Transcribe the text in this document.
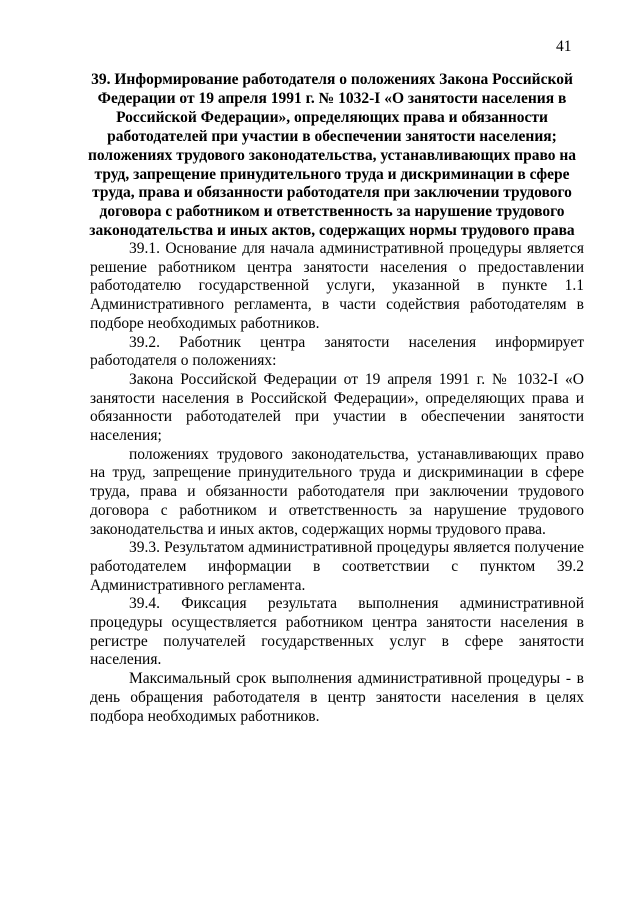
41
39. Информирование работодателя о положениях Закона Российской Федерации от 19 апреля 1991 г. № 1032-I «О занятости населения в Российской Федерации», определяющих права и обязанности работодателей при участии в обеспечении занятости населения; положениях трудового законодательства, устанавливающих право на труд, запрещение принудительного труда и дискриминации в сфере труда, права и обязанности работодателя при заключении трудового договора с работником и ответственность за нарушение трудового законодательства и иных актов, содержащих нормы трудового права

39.1. Основание для начала административной процедуры является решение работником центра занятости населения о предоставлении работодателю государственной услуги, указанной в пункте 1.1 Административного регламента, в части содействия работодателям в подборе необходимых работников.

39.2. Работник центра занятости населения информирует работодателя о положениях:

Закона Российской Федерации от 19 апреля 1991 г. № 1032-I «О занятости населения в Российской Федерации», определяющих права и обязанности работодателей при участии в обеспечении занятости населения;

положениях трудового законодательства, устанавливающих право на труд, запрещение принудительного труда и дискриминации в сфере труда, права и обязанности работодателя при заключении трудового договора с работником и ответственность за нарушение трудового законодательства и иных актов, содержащих нормы трудового права.

39.3. Результатом административной процедуры является получение работодателем информации в соответствии с пунктом 39.2 Административного регламента.

39.4. Фиксация результата выполнения административной процедуры осуществляется работником центра занятости населения в регистре получателей государственных услуг в сфере занятости населения.

Максимальный срок выполнения административной процедуры - в день обращения работодателя в центр занятости населения в целях подбора необходимых работников.
